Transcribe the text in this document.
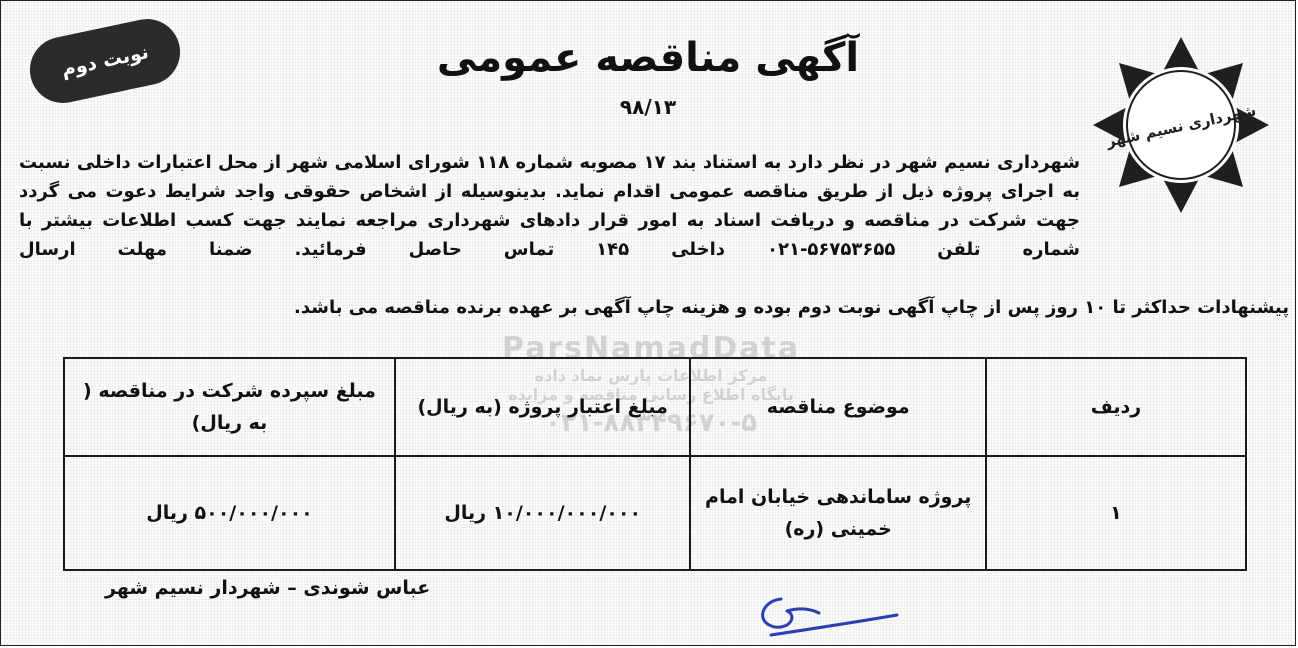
نوبت دوم	آگهی مناقصه عمومی
۹۸/۱۳	شهرداری نسیم شهر
شهرداری نسیم شهر در نظر دارد به استناد بند ۱۷ مصوبه شماره ۱۱۸ شورای اسلامی شهر از محل اعتبارات داخلی نسبت به اجرای پروژه ذیل از طریق مناقصه عمومی اقدام نماید. بدینوسیله از اشخاص حقوقی واجد شرایط دعوت می گردد جهت شرکت در مناقصه و دریافت اسناد به امور قرار دادهای شهرداری مراجعه نمایند جهت کسب اطلاعات بیشتر با شماره تلفن ۵۶۷۵۳۶۵۵-۰۲۱ داخلی ۱۴۵ تماس حاصل فرمائید. ضمنا مهلت ارسال
پیشنهادات حداکثر تا ۱۰ روز پس از چاپ آگهی نوبت دوم بوده و هزینه چاپ آگهی بر عهده برنده مناقصه می باشد.
ParsNamadData
مرکز اطلاعات پارس نماد داده
پایگاه اطلاع رسانی مناقصه و مزایده
۰۲۱-۸۸۳۴۹۶۷۰-۵
ردیف	موضوع مناقصه	مبلغ اعتبار پروژه (به ریال)	مبلغ سپرده شرکت در مناقصه ( به ریال)
۱	پروژه ساماندهی خیابان امام خمینی (ره)	۱۰/۰۰۰/۰۰۰/۰۰۰ ریال	۵۰۰/۰۰۰/۰۰۰ ریال
عباس شوندی – شهردار نسیم شهر
